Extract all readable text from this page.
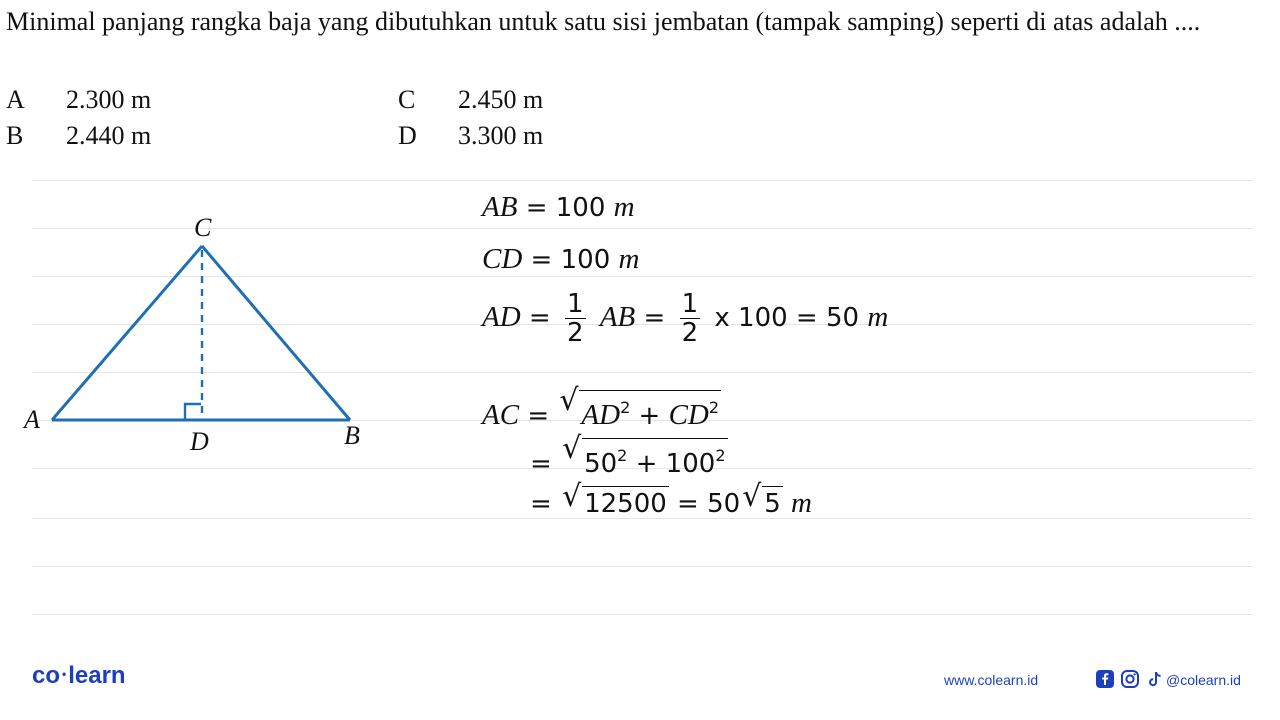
Minimal panjang rangka baja yang dibutuhkan untuk satu sisi jembatan (tampak samping) seperti di atas adalah ....

A 2.300 m
B 2.440 m
C 2.450 m
D 3.300 m
C
A
D	B
AB = 100 m
CD = 100 m
AD = $\frac{1}{2}$ AB = $\frac{1}{2}$ x 100 = 50 m
AC = √ $AD^2 + CD^2$
= √ $50^2 + 100^2$
= √ 12500 = 50 √ 5 m
co •learn	www.colearn.id	@colearn.id
